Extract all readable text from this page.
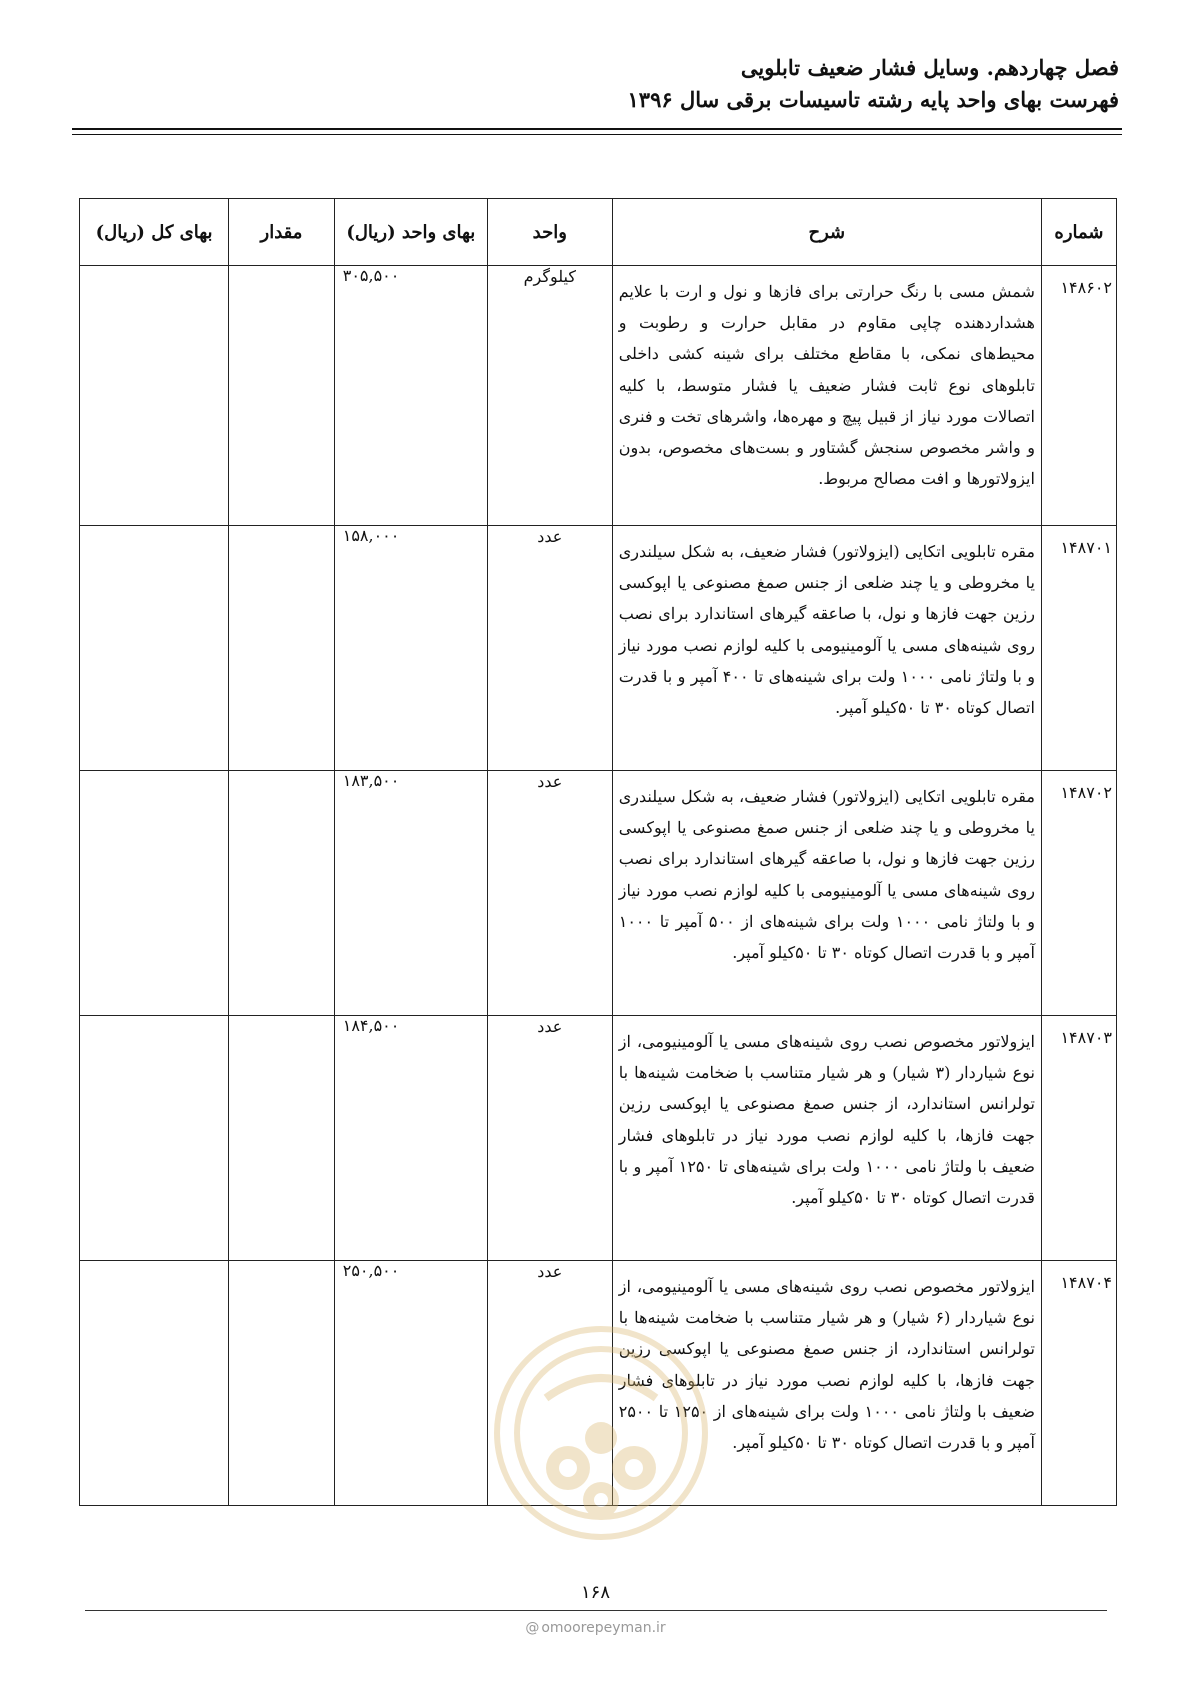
فصل چهاردهم. وسایل فشار ضعیف تابلویی
فهرست بهای واحد پایه رشته تاسیسات برقی سال ۱۳۹۶
شماره	شرح	واحد	بهای واحد (ریال)	مقدار	بهای کل (ریال)
۱۴۸۶۰۲	شمش مسی با رنگ حرارتی برای فازها و نول و ارت با علایم هشداردهنده چاپی مقاوم در مقابل حرارت و رطوبت و محیط‌های نمکی، با مقاطع مختلف برای شینه کشی داخلی تابلوهای نوع ثابت فشار ضعیف یا فشار متوسط، با کلیه اتصالات مورد نیاز از قبیل پیچ و مهره‌ها، واشرهای تخت و فنری و واشر مخصوص سنجش گشتاور و بست‌های مخصوص، بدون ایزولاتورها و افت مصالح مربوط.	کیلوگرم	۳۰۵,۵۰۰		
۱۴۸۷۰۱	مقره تابلویی اتکایی (ایزولاتور) فشار ضعیف، به شکل سیلندری یا مخروطی و یا چند ضلعی از جنس صمغ مصنوعی یا اپوکسی رزین جهت فازها و نول، با صاعقه گیرهای استاندارد برای نصب روی شینه‌های مسی یا آلومینیومی با کلیه لوازم نصب مورد نیاز و با ولتاژ نامی ۱۰۰۰ ولت برای شینه‌های تا ۴۰۰ آمپر و با قدرت اتصال کوتاه ۳۰ تا ۵۰کیلو آمپر.	عدد	۱۵۸,۰۰۰		
۱۴۸۷۰۲	مقره تابلویی اتکایی (ایزولاتور) فشار ضعیف، به شکل سیلندری یا مخروطی و یا چند ضلعی از جنس صمغ مصنوعی یا اپوکسی رزین جهت فازها و نول، با صاعقه گیرهای استاندارد برای نصب روی شینه‌های مسی یا آلومینیومی با کلیه لوازم نصب مورد نیاز و با ولتاژ نامی ۱۰۰۰ ولت برای شینه‌های از ۵۰۰ آمپر تا ۱۰۰۰ آمپر و با قدرت اتصال کوتاه ۳۰ تا ۵۰کیلو آمپر.	عدد	۱۸۳,۵۰۰		
۱۴۸۷۰۳	ایزولاتور مخصوص نصب روی شینه‌های مسی یا آلومینیومی، از نوع شیاردار (۳ شیار) و هر شیار متناسب با ضخامت شینه‌ها با تولرانس استاندارد، از جنس صمغ مصنوعی یا اپوکسی رزین جهت فازها، با کلیه لوازم نصب مورد نیاز در تابلوهای فشار ضعیف با ولتاژ نامی ۱۰۰۰ ولت برای شینه‌های تا ۱۲۵۰ آمپر و با قدرت اتصال کوتاه ۳۰ تا ۵۰کیلو آمپر.	عدد	۱۸۴,۵۰۰		
۱۴۸۷۰۴	ایزولاتور مخصوص نصب روی شینه‌های مسی یا آلومینیومی، از نوع شیاردار (۶ شیار) و هر شیار متناسب با ضخامت شینه‌ها با تولرانس استاندارد، از جنس صمغ مصنوعی یا اپوکسی رزین جهت فازها، با کلیه لوازم نصب مورد نیاز در تابلوهای فشار ضعیف با ولتاژ نامی ۱۰۰۰ ولت برای شینه‌های از ۱۲۵۰ تا ۲۵۰۰ آمپر و با قدرت اتصال کوتاه ۳۰ تا ۵۰کیلو آمپر.	عدد	۲۵۰,۵۰۰		
۱۶۸
@ omoorepeyman.ir
